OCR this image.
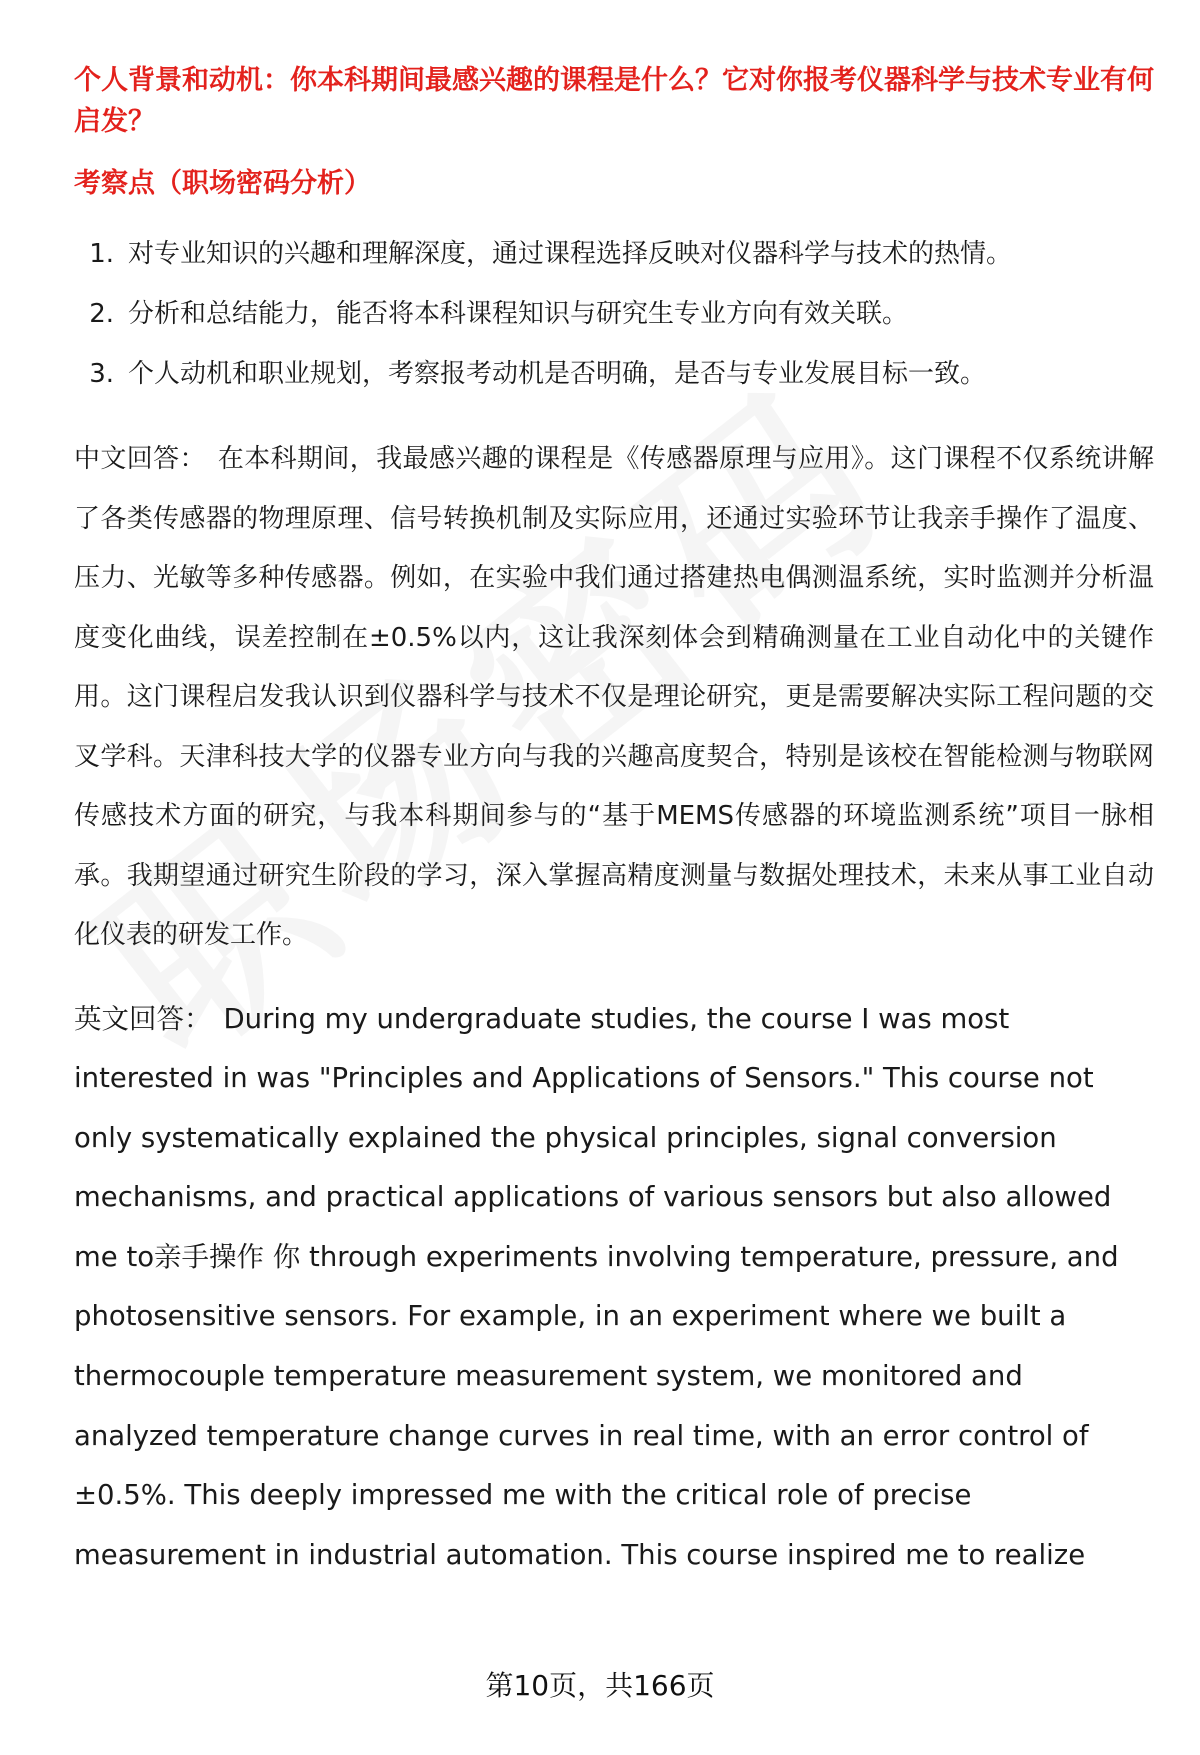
个人背景和动机：你本科期间最感兴趣的课程是什么？它对你报考仪器科学与技术专业有何启发？
考察点（职场密码分析）
1. 对专业知识的兴趣和理解深度，通过课程选择反映对仪器科学与技术的热情。
2. 分析和总结能力，能否将本科课程知识与研究生专业方向有效关联。
3. 个人动机和职业规划，考察报考动机是否明确，是否与专业发展目标一致。

中文回答： 在本科期间，我最感兴趣的课程是《传感器原理与应用》。这门课程不仅系统讲解了各类传感器的物理原理、信号转换机制及实际应用，还通过实验环节让我亲手操作了温度、压力、光敏等多种传感器。例如，在实验中我们通过搭建热电偶测温系统，实时监测并分析温度变化曲线，误差控制在±0.5%以内，这让我深刻体会到精确测量在工业自动化中的关键作用。这门课程启发我认识到仪器科学与技术不仅是理论研究，更是需要解决实际工程问题的交叉学科。天津科技大学的仪器专业方向与我的兴趣高度契合，特别是该校在智能检测与物联网传感技术方面的研究，与我本科期间参与的“基于MEMS传感器的环境监测系统”项目一脉相承。我期望通过研究生阶段的学习，深入掌握高精度测量与数据处理技术，未来从事工业自动化仪表的研发工作。

英文回答： During my undergraduate studies, the course I was most interested in was "Principles and Applications of Sensors." This course not only systematically explained the physical principles, signal conversion mechanisms, and practical applications of various sensors but also allowed me to亲手操作 你 through experiments involving temperature, pressure, and photosensitive sensors. For example, in an experiment where we built a thermocouple temperature measurement system, we monitored and analyzed temperature change curves in real time, with an error control of ±0.5%. This deeply impressed me with the critical role of precise measurement in industrial automation. This course inspired me to realize

第10页，共166页
